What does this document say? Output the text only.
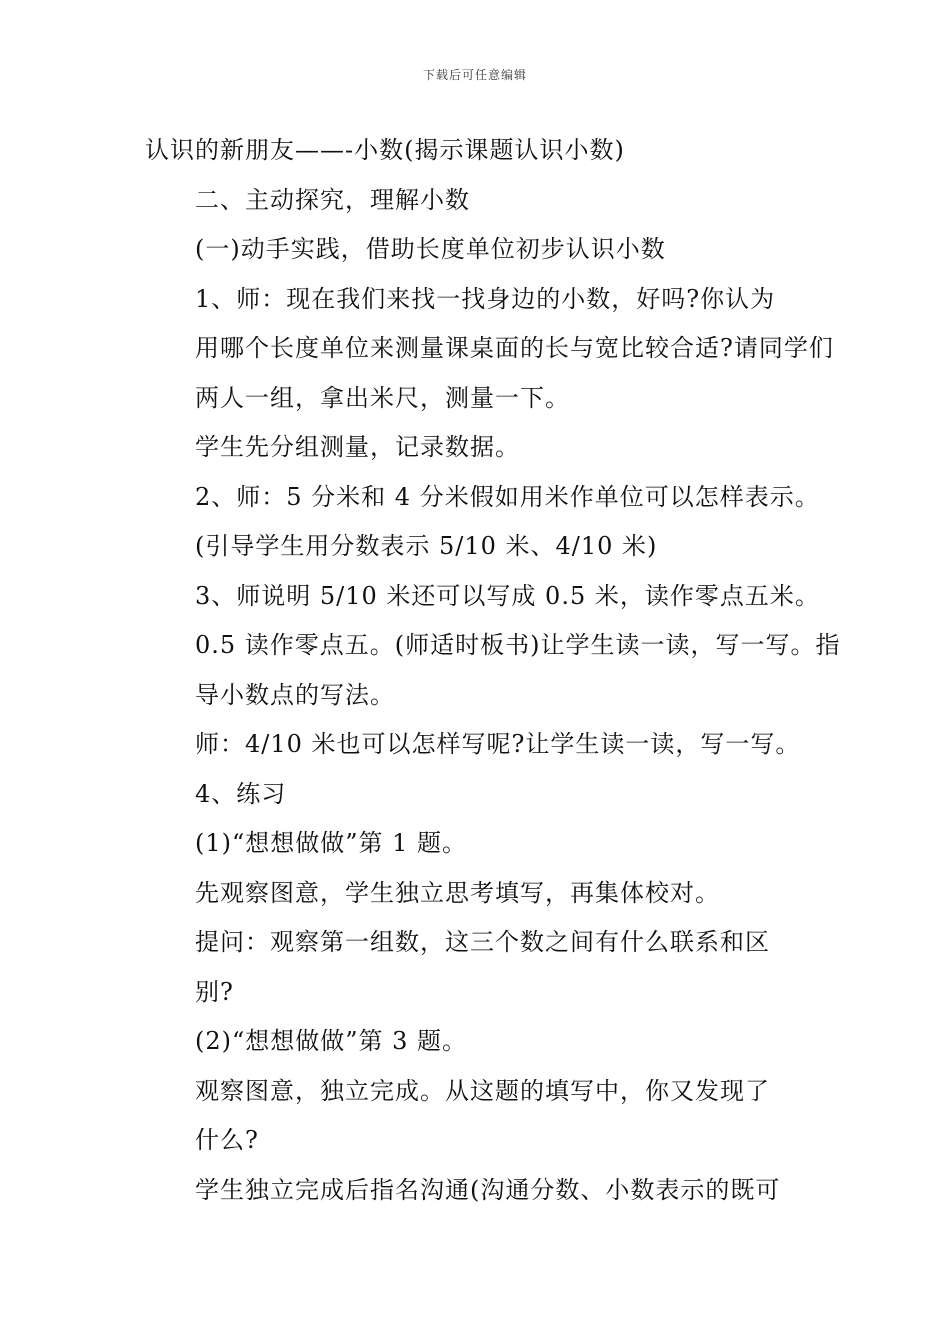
下载后可任意编辑
认识的新朋友——-小数(揭示课题认识小数)
二、主动探究，理解小数
(一)动手实践，借助长度单位初步认识小数
1、师：现在我们来找一找身边的小数，好吗?你认为
用哪个长度单位来测量课桌面的长与宽比较合适?请同学们
两人一组，拿出米尺，测量一下。
学生先分组测量，记录数据。
2、师：5 分米和 4 分米假如用米作单位可以怎样表示。
(引导学生用分数表示 5/10 米、4/10 米)
3、师说明 5/10 米还可以写成 0.5 米，读作零点五米。
0.5 读作零点五。(师适时板书)让学生读一读，写一写。指
导小数点的写法。
师：4/10 米也可以怎样写呢?让学生读一读，写一写。
4、练习
(1)“想想做做”第 1 题。
先观察图意，学生独立思考填写，再集体校对。
提问：观察第一组数，这三个数之间有什么联系和区
别?
(2)“想想做做”第 3 题。
观察图意，独立完成。从这题的填写中，你又发现了
什么?
学生独立完成后指名沟通(沟通分数、小数表示的既可
